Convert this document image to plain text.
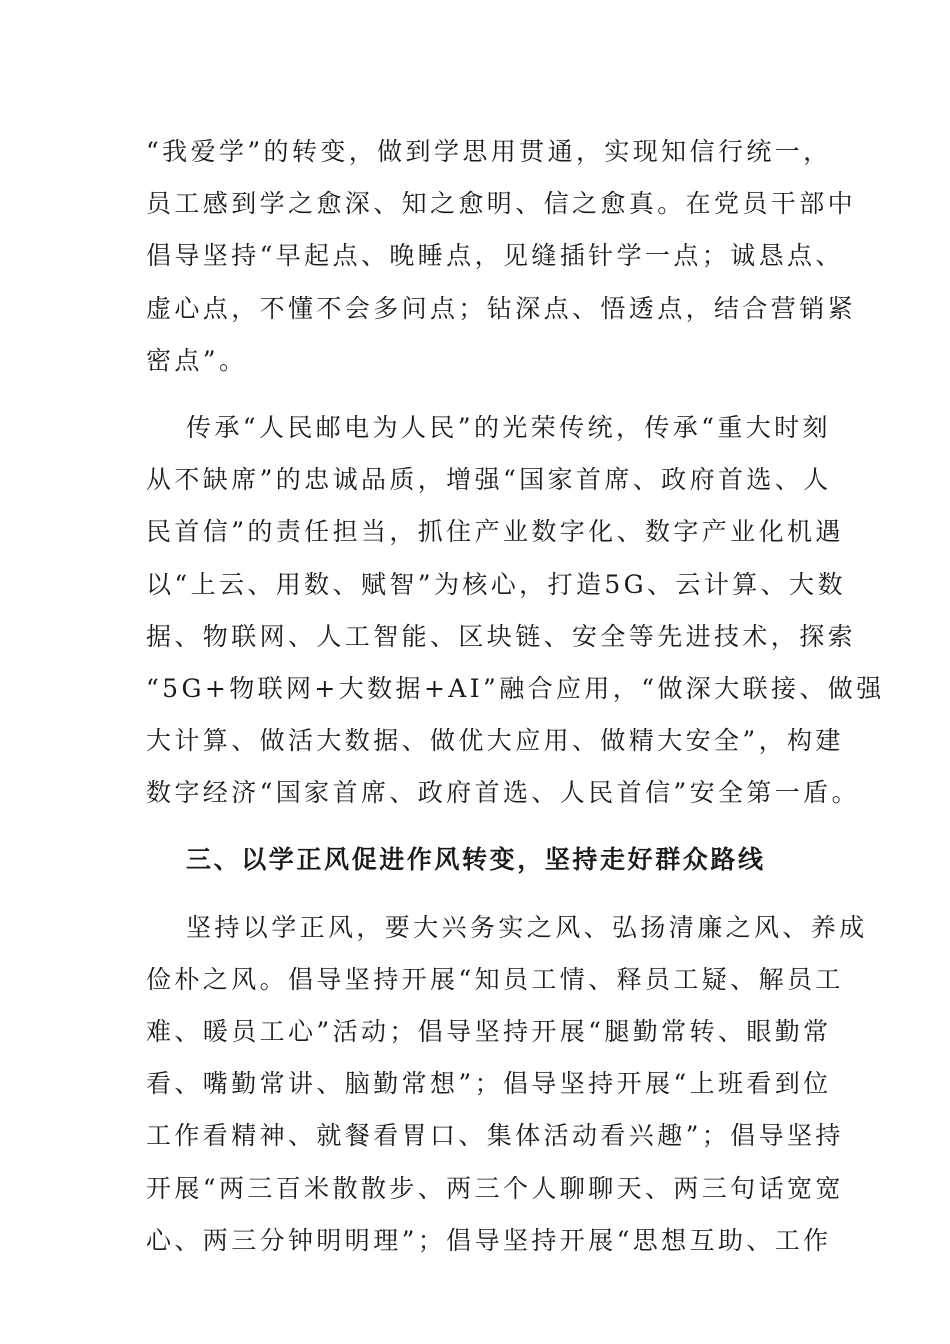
“我爱学”的转变，做到学思用贯通，实现知信行统一，
员工感到学之愈深、知之愈明、信之愈真。在党员干部中
倡导坚持“早起点、晚睡点，见缝插针学一点；诚恳点、
虚心点，不懂不会多问点；钻深点、悟透点，结合营销紧
密点”。
传承“人民邮电为人民”的光荣传统，传承“重大时刻
从不缺席”的忠诚品质，增强“国家首席、政府首选、人
民首信”的责任担当，抓住产业数字化、数字产业化机遇
以“上云、用数、赋智”为核心，打造5G、云计算、大数
据、物联网、人工智能、区块链、安全等先进技术，探索
“5G+物联网+大数据+AI”融合应用，“做深大联接、做强
大计算、做活大数据、做优大应用、做精大安全”，构建
数字经济“国家首席、政府首选、人民首信”安全第一盾。
三、以学正风促进作风转变，坚持走好群众路线
坚持以学正风，要大兴务实之风、弘扬清廉之风、养成
俭朴之风。倡导坚持开展“知员工情、释员工疑、解员工
难、暖员工心”活动；倡导坚持开展“腿勤常转、眼勤常
看、嘴勤常讲、脑勤常想”；倡导坚持开展“上班看到位
工作看精神、就餐看胃口、集体活动看兴趣”；倡导坚持
开展“两三百米散散步、两三个人聊聊天、两三句话宽宽
心、两三分钟明明理”；倡导坚持开展“思想互助、工作
